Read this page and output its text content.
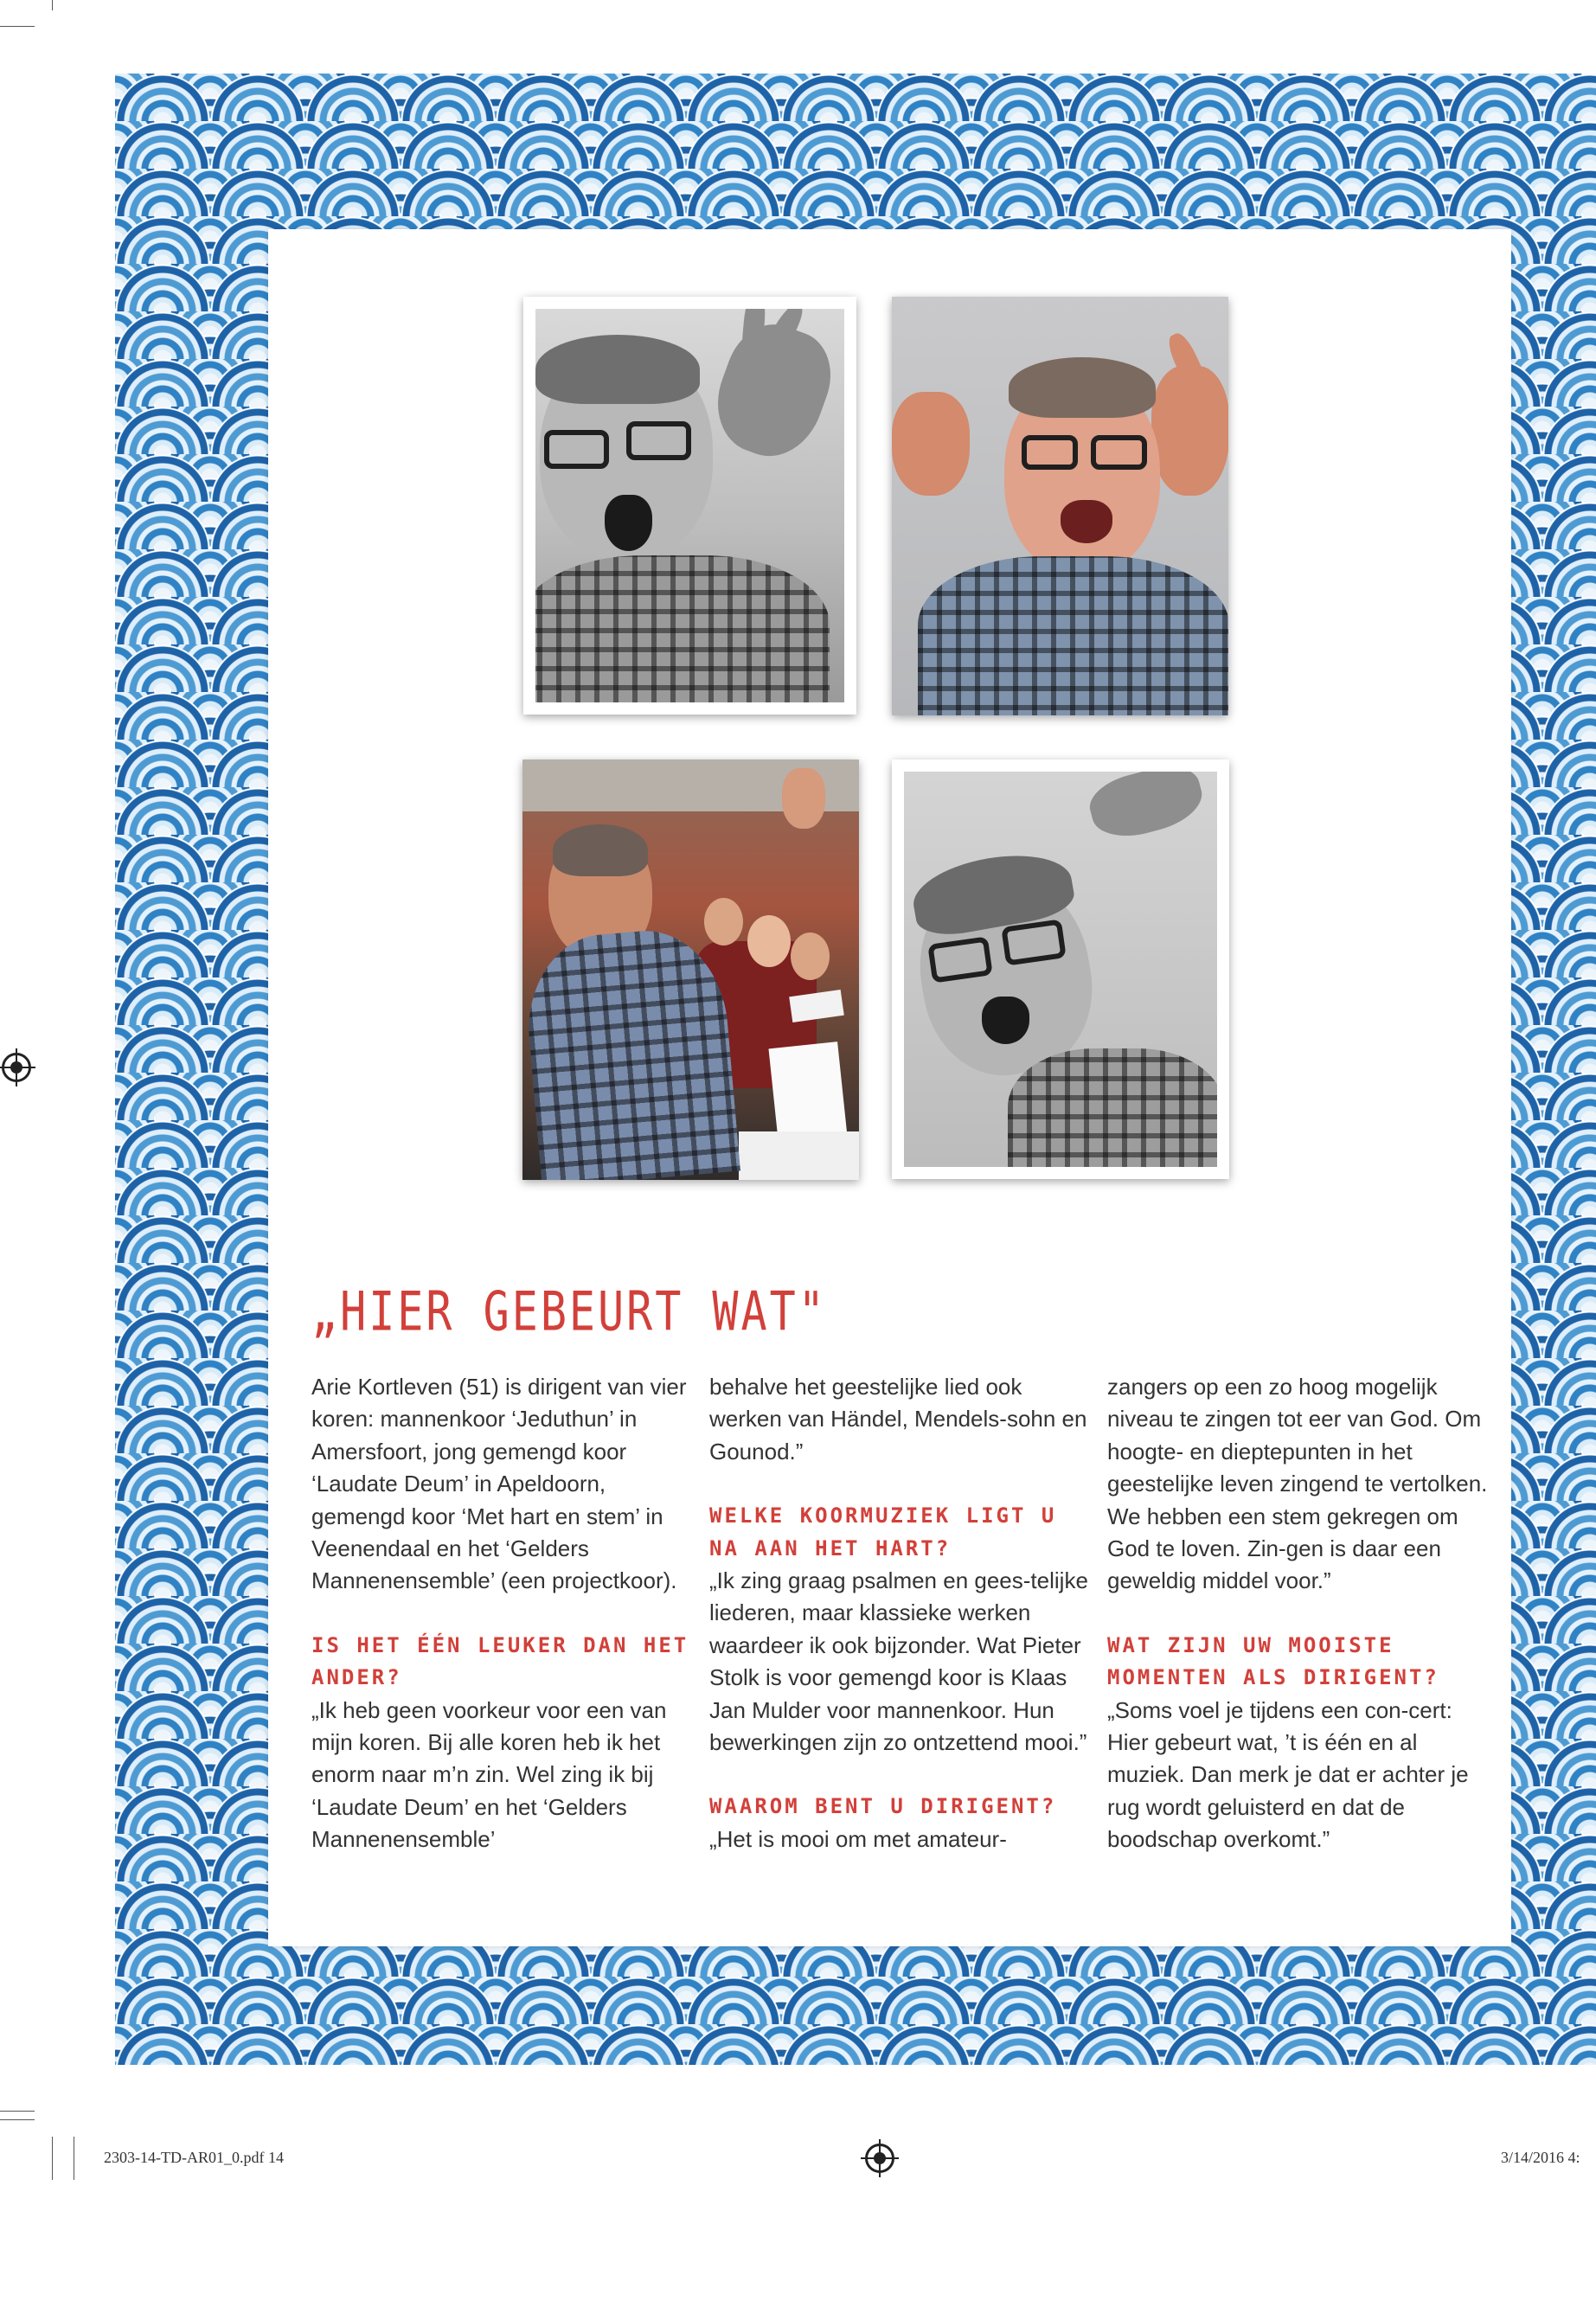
„HIER GEBEURT WAT"

Arie Kortleven (51) is dirigent van vier koren: mannenkoor ‘Jeduthun’ in Amersfoort, jong gemengd koor ‘Laudate Deum’ in Apeldoorn, gemengd koor ‘Met hart en stem’ in Veenendaal en het ‘Gelders Mannenensemble’ (een projectkoor).

IS HET ÉÉN LEUKER DAN HET ANDER?

„Ik heb geen voorkeur voor een van mijn koren. Bij alle koren heb ik het enorm naar m’n zin. Wel zing ik bij ‘Laudate Deum’ en het ‘Gelders Mannenensemble’

behalve het geestelijke lied ook werken van Händel, Mendels-sohn en Gounod.”

WELKE KOORMUZIEK LIGT U NA AAN HET HART?

„Ik zing graag psalmen en gees-telijke liederen, maar klassieke werken waardeer ik ook bijzonder. Wat Pieter Stolk is voor gemengd koor is Klaas Jan Mulder voor mannenkoor. Hun bewerkingen zijn zo ontzettend mooi.”

WAAROM BENT U DIRIGENT?

„Het is mooi om met amateur-

zangers op een zo hoog mogelijk niveau te zingen tot eer van God. Om hoogte- en dieptepunten in het geestelijke leven zingend te vertolken. We hebben een stem gekregen om God te loven. Zin-gen is daar een geweldig middel voor.”

WAT ZIJN UW MOOISTE MOMENTEN ALS DIRIGENT?

„Soms voel je tijdens een con-cert: Hier gebeurt wat, ’t is één en al muziek. Dan merk je dat er achter je rug wordt geluisterd en dat de boodschap overkomt.”

2303-14-TD-AR01_0.pdf 14	3/14/2016 4:
